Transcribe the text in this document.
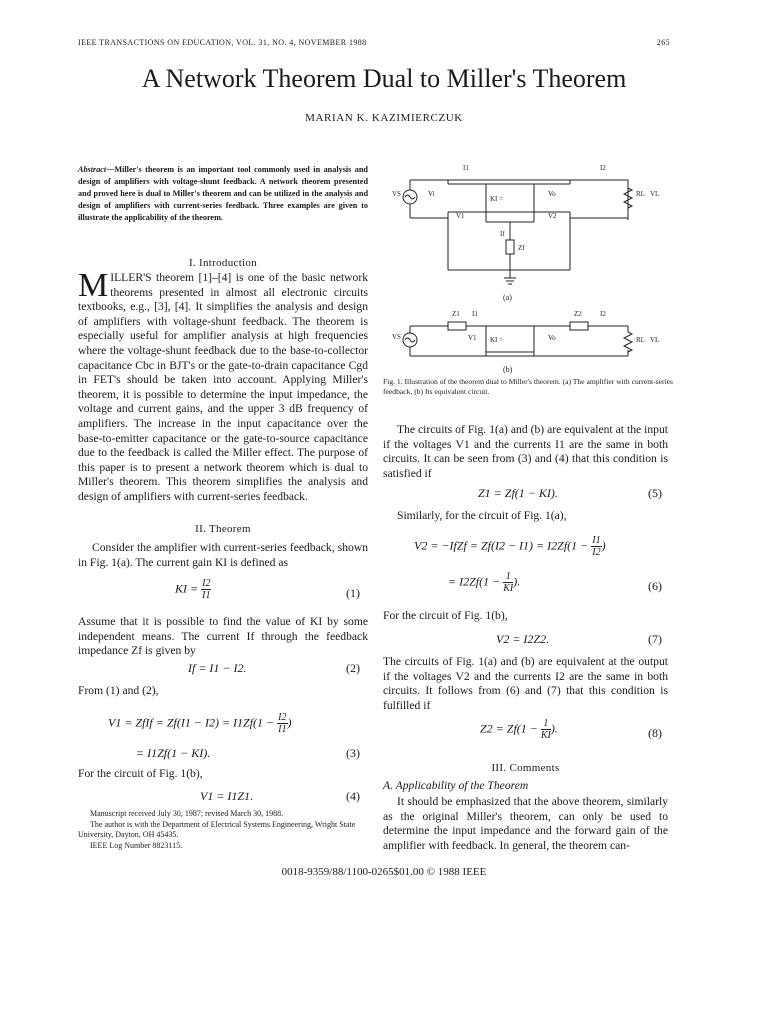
IEEE TRANSACTIONS ON EDUCATION, VOL. 31, NO. 4, NOVEMBER 1988	265
A Network Theorem Dual to Miller's Theorem
MARIAN K. KAZIMIERCZUK
Abstract—Miller's theorem is an important tool commonly used in analysis and design of amplifiers with voltage-shunt feedback. A network theorem presented and proved here is dual to Miller's theorem and can be utilized in the analysis and design of amplifiers with current-series feedback. Three examples are given to illustrate the applicability of the theorem.
I. Introduction
MILLER'S theorem [1]–[4] is one of the basic network theorems presented in almost all electronic circuits textbooks, e.g., [3], [4]. It simplifies the analysis and design of amplifiers with voltage-shunt feedback. The theorem is especially useful for amplifier analysis at high frequencies where the voltage-shunt feedback due to the base-to-collector capacitance Cbc in BJT's or the gate-to-drain capacitance Cgd in FET's should be taken into account. Applying Miller's theorem, it is possible to determine the input impedance, the voltage and current gains, and the upper 3 dB frequency of amplifiers. The increase in the input capacitance over the base-to-emitter capacitance or the gate-to-source capacitance due to the feedback is called the Miller effect. The purpose of this paper is to present a network theorem which is dual to Miller's theorem. This theorem simplifies the analysis and design of amplifiers with current-series feedback.
II. Theorem
Consider the amplifier with current-series feedback, shown in Fig. 1(a). The current gain KI is defined as
KI = $\frac{I2}{I1}$	(1)
Assume that it is possible to find the value of KI by some independent means. The current If through the feedback impedance Zf is given by
If = I1 − I2.	(2)
From (1) and (2),
V1 = ZfIf = $Zf(I1 - I2) = I1Zf(1 - \frac{I2}{I1}$ )
= I1Zf(1 − KI).	(3)
For the circuit of Fig. 1(b),
V1 = I1Z1.	(4)
Manuscript received July 30, 1987; revised March 30, 1988.
The author is with the Department of Electrical Systems Engineering, Wright State University, Dayton, OH 45435.
IEEE Log Number 8823115.
I1	I2
VS	RL VL
KI =
Vi
V1	V2
Vo
Zf
If
(a)
Z1	Z2
I1	I2
VS	RL VL
KI =	Vo
V1
(b)
Fig. 1. Illustration of the theorem dual to Miller's theorem. (a) The amplifier with current-series feedback. (b) Its equivalent circuit.
The circuits of Fig. 1(a) and (b) are equivalent at the input if the voltages V1 and the currents I1 are the same in both circuits. It can be seen from (3) and (4) that this condition is satisfied if
Z1 = Zf(1 − KI).	(5)
Similarly, for the circuit of Fig. 1(a),
V2 = −IfZf = $Zf(I2 - I1) = I2Zf(1 - \frac{I1}{I2}$ )
= $I2Zf(1 - \frac{1}{KI}$ ).	(6)
For the circuit of Fig. 1(b),
V2 = I2Z2.	(7)
The circuits of Fig. 1(a) and (b) are equivalent at the output if the voltages V2 and the currents I2 are the same in both circuits. It follows from (6) and (7) that this condition is fulfilled if
$Z2 = Zf(1 - \frac{1}{KI}$ ).	(8)
III. Comments
A. Applicability of the Theorem
It should be emphasized that the above theorem, similarly as the original Miller's theorem, can only be used to determine the input impedance and the forward gain of the amplifier with feedback. In general, the theorem can-
0018-9359/88/1100-0265$01.00 © 1988 IEEE
